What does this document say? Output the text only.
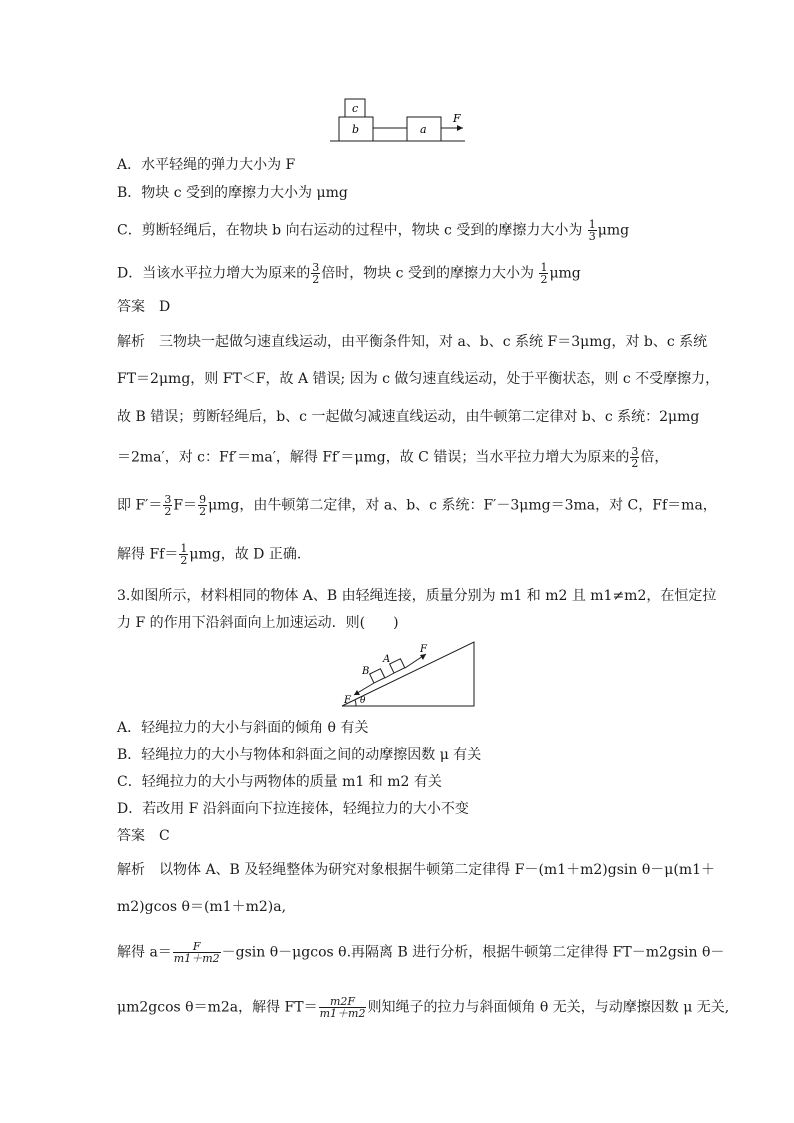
c
b	a
F
A．水平轻绳的弹力大小为 F
B．物块 c 受到的摩擦力大小为 μmg
C．剪断轻绳后，在物块 b 向右运动的过程中，物块 c 受到的摩擦力大小为 $\frac{1}{3}$ μmg
D．当该水平拉力增大为原来的 $\frac{3}{2}$ 倍时，物块 c 受到的摩擦力大小为 $\frac{1}{2}$ μmg
答案　D
解析　三物块一起做匀速直线运动，由平衡条件知，对 a、b、c 系统 F＝3μmg，对 b、c 系统
FT＝2μmg，则 FT＜F，故 A 错误; 因为 c 做匀速直线运动，处于平衡状态，则 c 不受摩擦力，
故 B 错误；剪断轻绳后，b、c 一起做匀减速直线运动，由牛顿第二定律对 b、c 系统：2μmg
＝2ma′，对 c：Ff′＝ma′，解得 Ff′＝μmg，故 C 错误；当水平拉力增大为原来的 $\frac{3}{2}$ 倍，
即 $F'= \frac{3}{2} F= \frac{9}{2}$ μmg，由牛顿第二定律，对 a、b、c 系统：F′－3μmg＝3ma，对 C，Ff＝ma，
解得 $Ff= \frac{1}{2}$ μmg，故 D 正确.
3.如图所示，材料相同的物体 A、B 由轻绳连接，质量分别为 m1 和 m2 且 m1≠m2，在恒定拉
力 F 的作用下沿斜面向上加速运动．则(　　)
θ
F
F
B
A
A．轻绳拉力的大小与斜面的倾角 θ 有关
B．轻绳拉力的大小与物体和斜面之间的动摩擦因数 μ 有关
C．轻绳拉力的大小与两物体的质量 m1 和 m2 有关
D．若改用 F 沿斜面向下拉连接体，轻绳拉力的大小不变
答案　C
解析　以物体 A、B 及轻绳整体为研究对象根据牛顿第二定律得 F－(m1＋m2)gsin θ－μ(m1＋
m2)gcos θ＝(m1＋m2)a,
解得 $a= \frac{F}{m1+m2} -gsin$ θ－μgcos θ.再隔离 B 进行分析，根据牛顿第二定律得 FT－m2gsin θ－
μm2gcos θ＝m2a，解得 $FT= \frac{m2F}{m1+m2}$ 则知绳子的拉力与斜面倾角 θ 无关，与动摩擦因数 μ 无关,
